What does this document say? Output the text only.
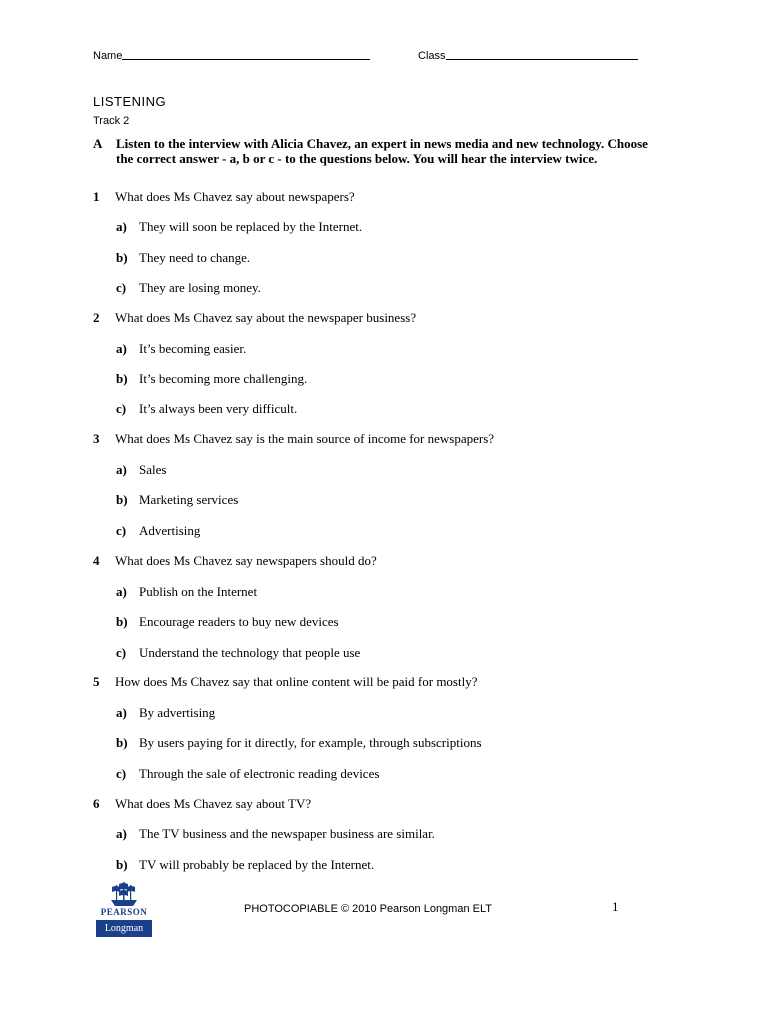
Name	Class
LISTENING
Track 2
A Listen to the interview with Alicia Chavez, an expert in news media and new technology. Choose the correct answer - a, b or c - to the questions below. You will hear the interview twice.
1 What does Ms Chavez say about newspapers?
a) They will soon be replaced by the Internet.
b) They need to change.
c) They are losing money.
2 What does Ms Chavez say about the newspaper business?
a) It’s becoming easier.
b) It’s becoming more challenging.
c) It’s always been very difficult.
3 What does Ms Chavez say is the main source of income for newspapers?
a) Sales
b) Marketing services
c) Advertising
4 What does Ms Chavez say newspapers should do?
a) Publish on the Internet
b) Encourage readers to buy new devices
c) Understand the technology that people use
5 How does Ms Chavez say that online content will be paid for mostly?
a) By advertising
b) By users paying for it directly, for example, through subscriptions
c) Through the sale of electronic reading devices
6 What does Ms Chavez say about TV?
a) The TV business and the newspaper business are similar.
b) TV will probably be replaced by the Internet.
PEARSON
Longman
PHOTOCOPIABLE © 2010 Pearson Longman ELT	1
